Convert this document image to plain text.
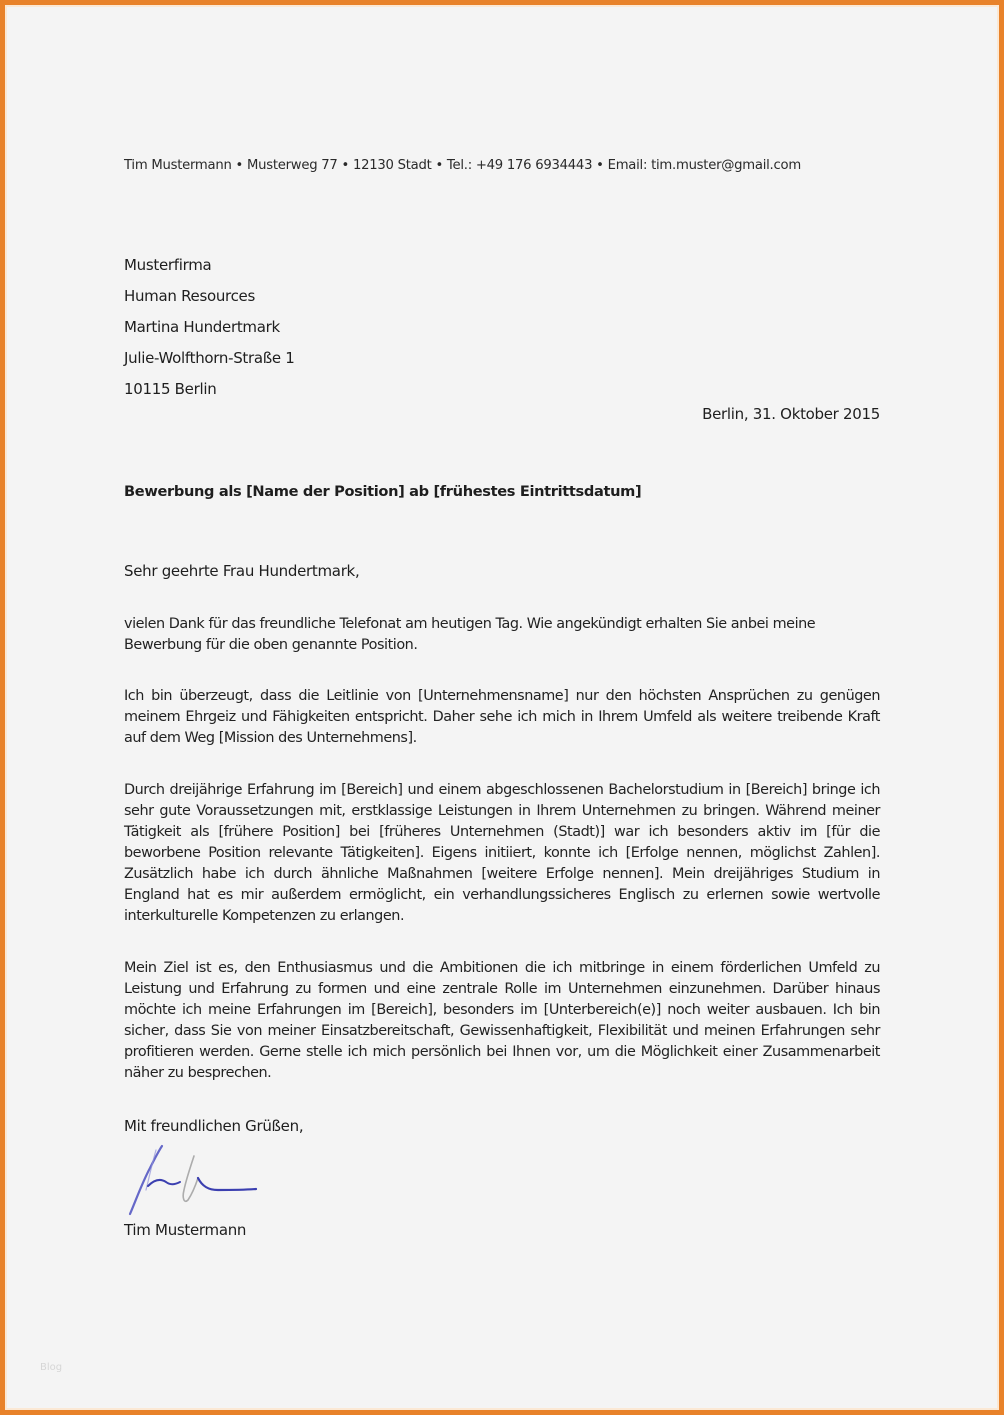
Tim Mustermann • Musterweg 77 • 12130 Stadt • Tel.: +49 176 6934443 • Email: tim.muster@gmail.com
Musterfirma
Human Resources
Martina Hundertmark
Julie-Wolfthorn-Straße 1
10115 Berlin
Berlin, 31. Oktober 2015
Bewerbung als [Name der Position] ab [frühestes Eintrittsdatum]
Sehr geehrte Frau Hundertmark,
vielen Dank für das freundliche Telefonat am heutigen Tag. Wie angekündigt erhalten Sie anbei meine Bewerbung für die oben genannte Position.
Ich bin überzeugt, dass die Leitlinie von [Unternehmensname] nur den höchsten Ansprüchen zu genügen meinem Ehrgeiz und Fähigkeiten entspricht. Daher sehe ich mich in Ihrem Umfeld als weitere treibende Kraft auf dem Weg [Mission des Unternehmens].
Durch dreijährige Erfahrung im [Bereich] und einem abgeschlossenen Bachelorstudium in [Bereich] bringe ich sehr gute Voraussetzungen mit, erstklassige Leistungen in Ihrem Unternehmen zu bringen. Während meiner Tätigkeit als [frühere Position] bei [früheres Unternehmen (Stadt)] war ich besonders aktiv im [für die beworbene Position relevante Tätigkeiten]. Eigens initiiert, konnte ich [Erfolge nennen, möglichst Zahlen]. Zusätzlich habe ich durch ähnliche Maßnahmen [weitere Erfolge nennen]. Mein dreijähriges Studium in England hat es mir außerdem ermöglicht, ein verhandlungssicheres Englisch zu erlernen sowie wertvolle interkulturelle Kompetenzen zu erlangen.
Mein Ziel ist es, den Enthusiasmus und die Ambitionen die ich mitbringe in einem förderlichen Umfeld zu Leistung und Erfahrung zu formen und eine zentrale Rolle im Unternehmen einzunehmen. Darüber hinaus möchte ich meine Erfahrungen im [Bereich], besonders im [Unterbereich(e)] noch weiter ausbauen. Ich bin sicher, dass Sie von meiner Einsatzbereitschaft, Gewissenhaftigkeit, Flexibilität und meinen Erfahrungen sehr profitieren werden. Gerne stelle ich mich persönlich bei Ihnen vor, um die Möglichkeit einer Zusammenarbeit näher zu besprechen.
Mit freundlichen Grüßen,
Tim Mustermann
Blog
